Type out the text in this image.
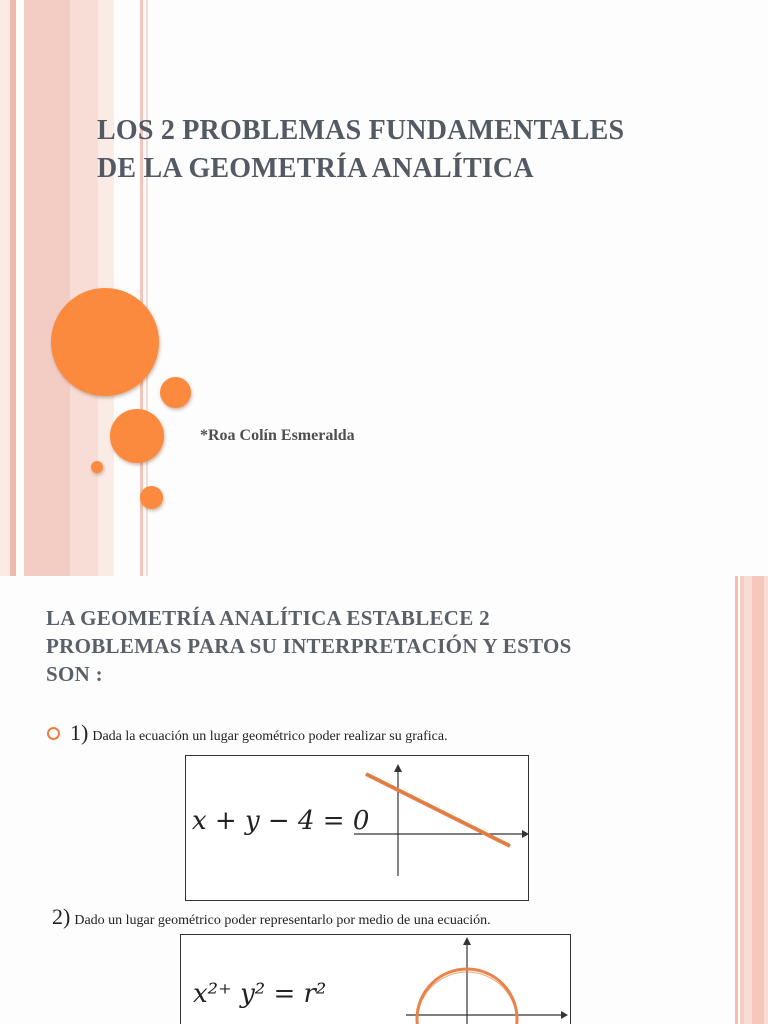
LOS 2 PROBLEMAS FUNDAMENTALES
DE LA GEOMETRÍA ANALÍTICA

*Roa Colín Esmeralda

LA GEOMETRÍA ANALÍTICA ESTABLECE 2
PROBLEMAS PARA SU INTERPRETACIÓN Y ESTOS
SON :

1) Dada la ecuación un lugar geométrico poder realizar su grafica.

x + y − 4 = 0

2) Dado un lugar geométrico poder representarlo por medio de una ecuación.

x²⁺ y² = r²
